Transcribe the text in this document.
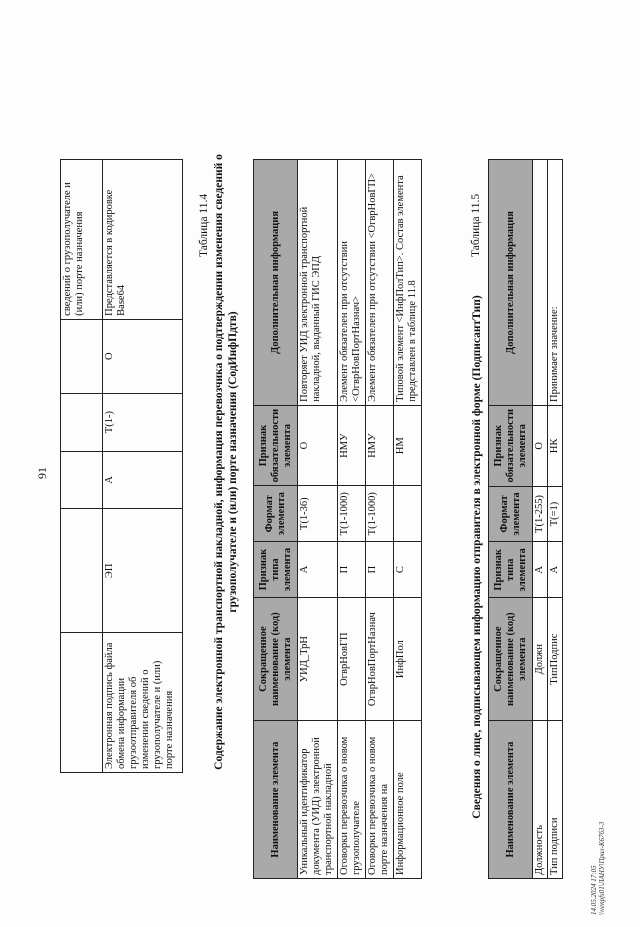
					сведений о грузополучателе и (или) порте назначения
Электронная подпись файла обмена информации грузоотправителя об изменении сведений о грузополучателе и (или) порте назначения	ЭП	А	Т(1-)	О	Представляется в кодировке Base64
91
Таблица 11.4 Содержание электронной транспортной накладной, информация перевозчика о подтверждении изменения сведений о грузополучателе и (или) порте назначения (СодИнфПдтв)
Наименование элемента	Сокращенное наименование (код) элемента	Признак типа элемента	Формат элемента	Признак обязательности элемента	Дополнительная информация
Уникальный идентификатор документа (УИД) электронной транспортной накладной	УИД_ТрН	А	Т(1-36)	О	Повторяет УИД электронной транспортной накладной, выданный ГИС ЭПД
Оговорки перевозчика о новом грузополучателе	ОгврНовГП	П	Т(1-1000)	НМУ	Элемент обязателен при отсутствии <ОгврНовПортНазнач>
Оговорки перевозчика о новом порте назначения на	ОгврНовПортНазнач	П	Т(1-1000)	НМУ	Элемент обязателен при отсутствии <ОгврНовГП>
Информационное поле	ИнфПол	С		НМ	Типовой элемент <ИнфПолТип>. Состав элемента представлен в таблице 11.8
Таблица 11.5
Сведения о лице, подписывающем информацию отправителя в электронной форме (ПодписантТип) Наименование элемента	Сокращенное наименование (код) элемента	Признак типа элемента	Формат элемента	Признак обязательности элемента	Дополнительная информация
Должность	Должн	А	Т(1-255)	О	
Тип подписи	ТипПодпис	А	Т(=1)	НК	Принимает значение:
14.05.2024 17:05 \\venpfs01\ЛАНУ\Прил-К67б3-3
